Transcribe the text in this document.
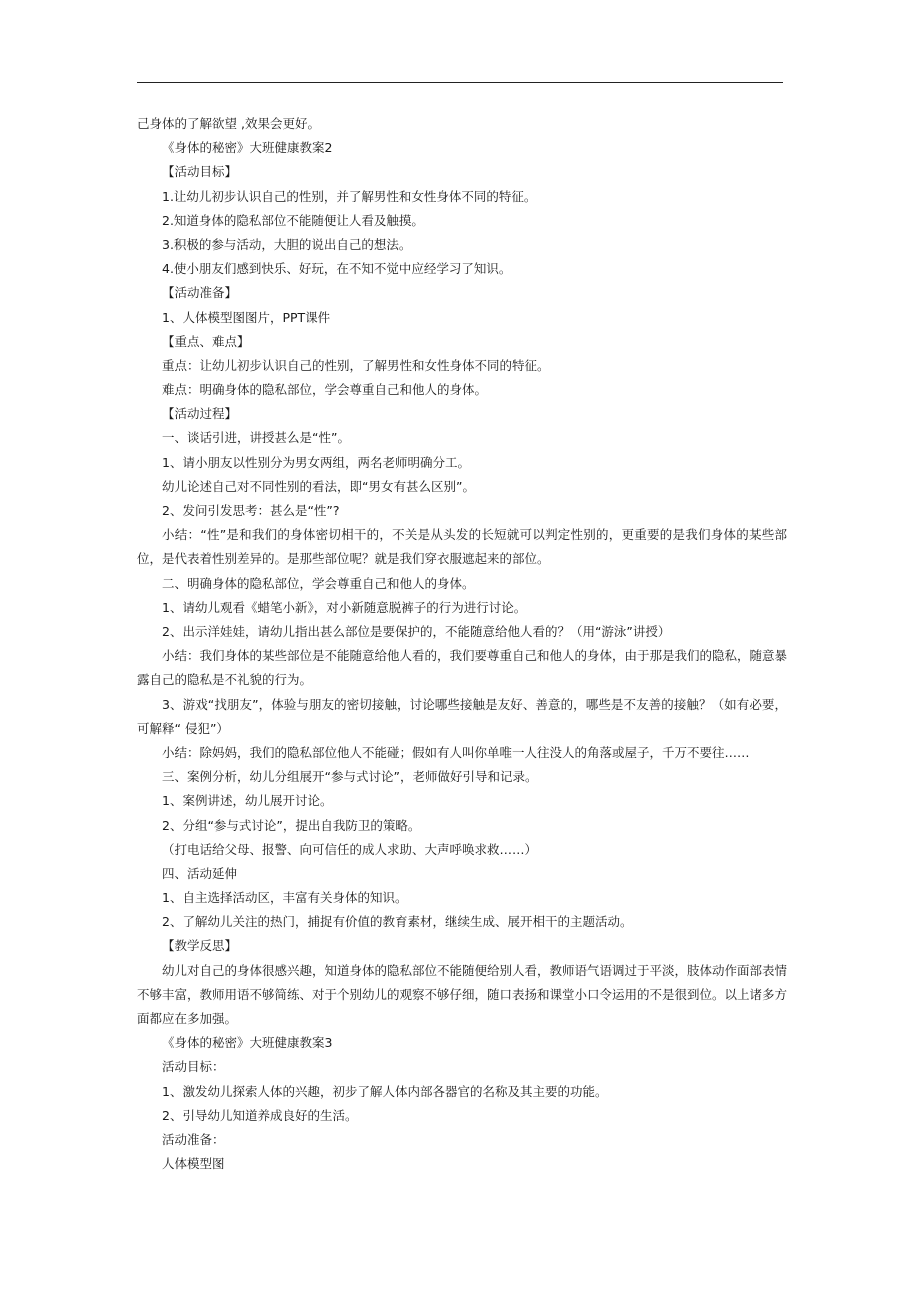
己身体的了解欲望 ,效果会更好。
《身体的秘密》大班健康教案2
【活动目标】
1.让幼儿初步认识自己的性别，并了解男性和女性身体不同的特征。
2.知道身体的隐私部位不能随便让人看及触摸。
3.积极的参与活动，大胆的说出自己的想法。
4.使小朋友们感到快乐、好玩，在不知不觉中应经学习了知识。
【活动准备】
1、人体模型图图片，PPT课件
【重点、难点】
重点：让幼儿初步认识自己的性别，了解男性和女性身体不同的特征。
难点：明确身体的隐私部位，学会尊重自己和他人的身体。
【活动过程】
一、谈话引进，讲授甚么是“性”。
1、请小朋友以性别分为男女两组，两名老师明确分工。
幼儿论述自己对不同性别的看法，即“男女有甚么区别”。
2、发问引发思考：甚么是“性”?

小结：“性”是和我们的身体密切相干的，不关是从头发的长短就可以判定性别的，更重要的是我们身体的某些部位，是代表着性别差异的。是那些部位呢？就是我们穿衣服遮起来的部位。

二、明确身体的隐私部位，学会尊重自己和他人的身体。
1、请幼儿观看《蜡笔小新》，对小新随意脱裤子的行为进行讨论。
2、出示洋娃娃，请幼儿指出甚么部位是要保护的，不能随意给他人看的？（用“游泳”讲授）

小结：我们身体的某些部位是不能随意给他人看的，我们要尊重自己和他人的身体，由于那是我们的隐私，随意暴露自己的隐私是不礼貌的行为。

3、游戏“找朋友”，体验与朋友的密切接触，讨论哪些接触是友好、善意的，哪些是不友善的接触？（如有必要，可解释“ 侵犯”）

小结：除妈妈，我们的隐私部位他人不能碰；假如有人叫你单唯一人往没人的角落或屋子，千万不要往……
三、案例分析，幼儿分组展开“参与式讨论”，老师做好引导和记录。
1、案例讲述，幼儿展开讨论。
2、分组“参与式讨论”，提出自我防卫的策略。
（打电话给父母、报警、向可信任的成人求助、大声呼唤求救……）
四、活动延伸
1、自主选择活动区，丰富有关身体的知识。
2、了解幼儿关注的热门，捕捉有价值的教育素材，继续生成、展开相干的主题活动。
【教学反思】

幼儿对自己的身体很感兴趣，知道身体的隐私部位不能随便给别人看，教师语气语调过于平淡，肢体动作面部表情不够丰富，教师用语不够简练、对于个别幼儿的观察不够仔细，随口表扬和课堂小口令运用的不是很到位。以上诸多方面都应在多加强。

《身体的秘密》大班健康教案3
活动目标：
1、激发幼儿探索人体的兴趣，初步了解人体内部各器官的名称及其主要的功能。
2、引导幼儿知道养成良好的生活。
活动准备：
人体模型图
